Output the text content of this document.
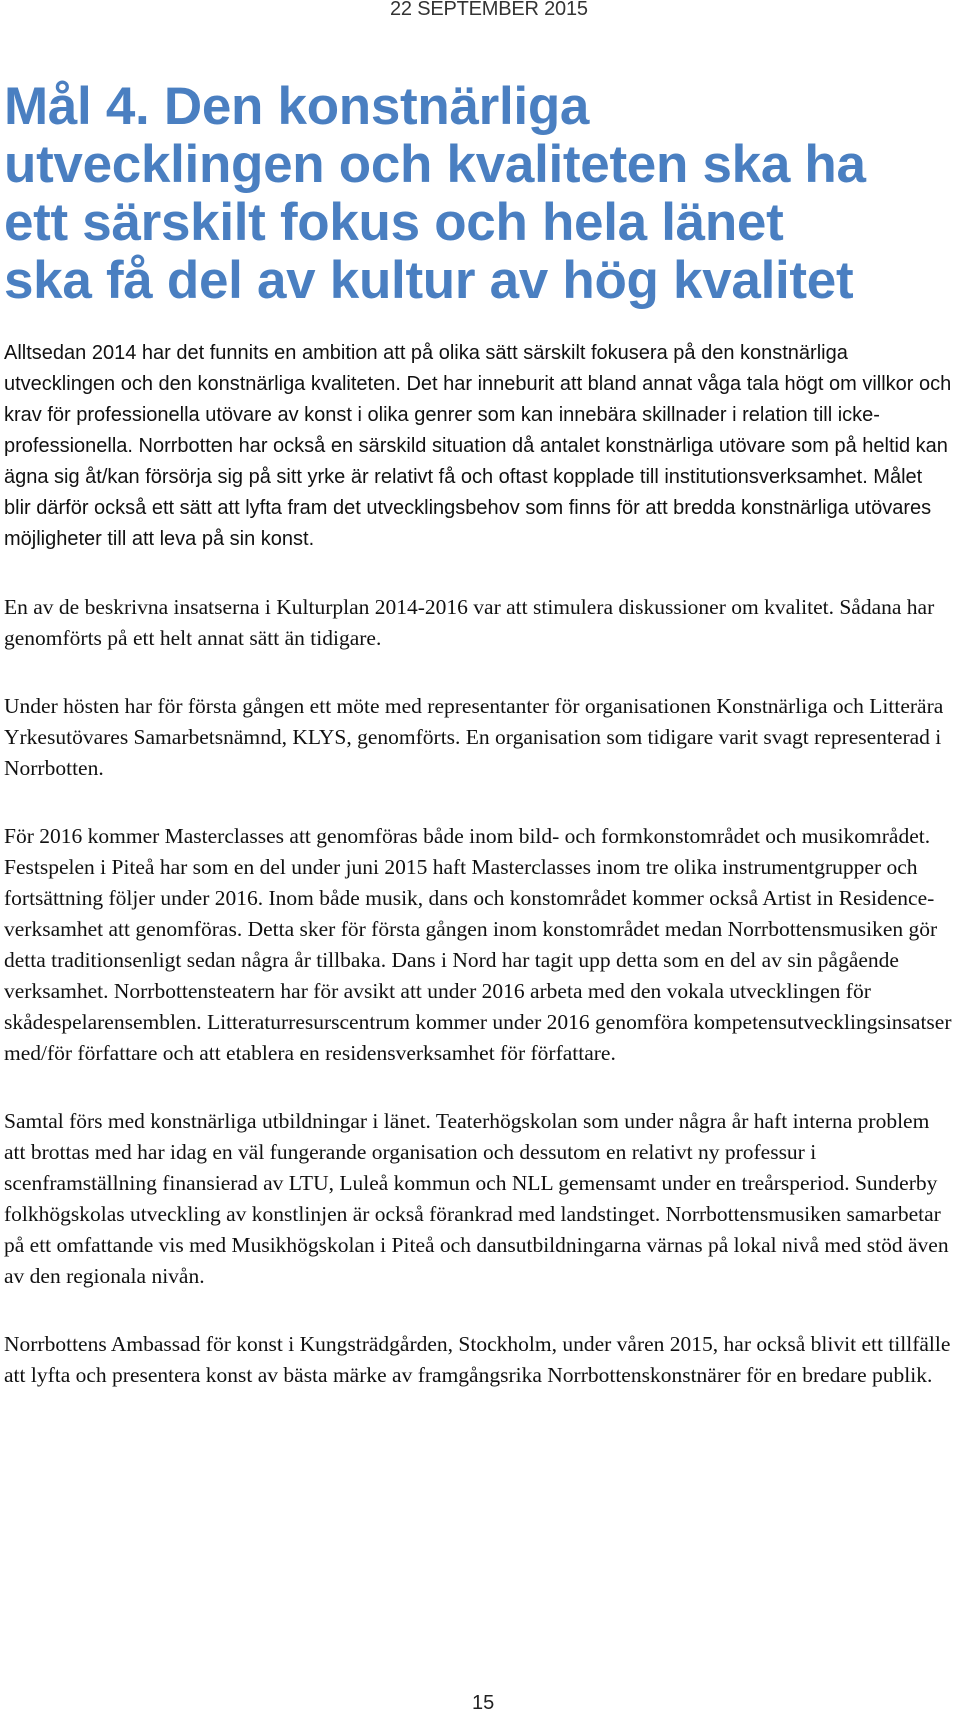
22 SEPTEMBER 2015
Mål 4. Den konstnärliga
utvecklingen och kvaliteten ska ha
ett särskilt fokus och hela länet
ska få del av kultur av hög kvalitet

Alltsedan 2014 har det funnits en ambition att på olika sätt särskilt fokusera på den konstnärliga utvecklingen och den konstnärliga kvaliteten. Det har inneburit att bland annat våga tala högt om villkor och krav för professionella utövare av konst i olika genrer som kan innebära skillnader i relation till icke- professionella. Norrbotten har också en särskild situation då antalet konstnärliga utövare som på heltid kan ägna sig åt/kan försörja sig på sitt yrke är relativt få och oftast kopplade till institutionsverksamhet. Målet blir därför också ett sätt att lyfta fram det utvecklingsbehov som finns för att bredda konstnärliga utövares möjligheter till att leva på sin konst.

En av de beskrivna insatserna i Kulturplan 2014-2016 var att stimulera diskussioner om kvalitet. Sådana har genomförts på ett helt annat sätt än tidigare.

Under hösten har för första gången ett möte med representanter för organisationen Konstnärliga och Litterära Yrkesutövares Samarbetsnämnd, KLYS, genomförts. En organisation som tidigare varit svagt representerad i Norrbotten.

För 2016 kommer Masterclasses att genomföras både inom bild- och formkonstområdet och musikområdet. Festspelen i Piteå har som en del under juni 2015 haft Masterclasses inom tre olika instrumentgrupper och fortsättning följer under 2016. Inom både musik, dans och konstområdet kommer också Artist in Residence- verksamhet att genomföras. Detta sker för första gången inom konstområdet medan Norrbottensmusiken gör detta traditionsenligt sedan några år tillbaka. Dans i Nord har tagit upp detta som en del av sin pågående verksamhet. Norrbottensteatern har för avsikt att under 2016 arbeta med den vokala utvecklingen för skådespelarensemblen. Litteraturresurscentrum kommer under 2016 genomföra kompetensutvecklingsinsatser med/för författare och att etablera en residensverksamhet för författare.

Samtal förs med konstnärliga utbildningar i länet. Teaterhögskolan som under några år haft interna problem att brottas med har idag en väl fungerande organisation och dessutom en relativt ny professur i scenframställning finansierad av LTU, Luleå kommun och NLL gemensamt under en treårsperiod. Sunderby folkhögskolas utveckling av konstlinjen är också förankrad med landstinget. Norrbottensmusiken samarbetar på ett omfattande vis med Musikhögskolan i Piteå och dansutbildningarna värnas på lokal nivå med stöd även av den regionala nivån.

Norrbottens Ambassad för konst i Kungsträdgården, Stockholm, under våren 2015, har också blivit ett tillfälle att lyfta och presentera konst av bästa märke av framgångsrika Norrbottenskonstnärer för en bredare publik.

15
